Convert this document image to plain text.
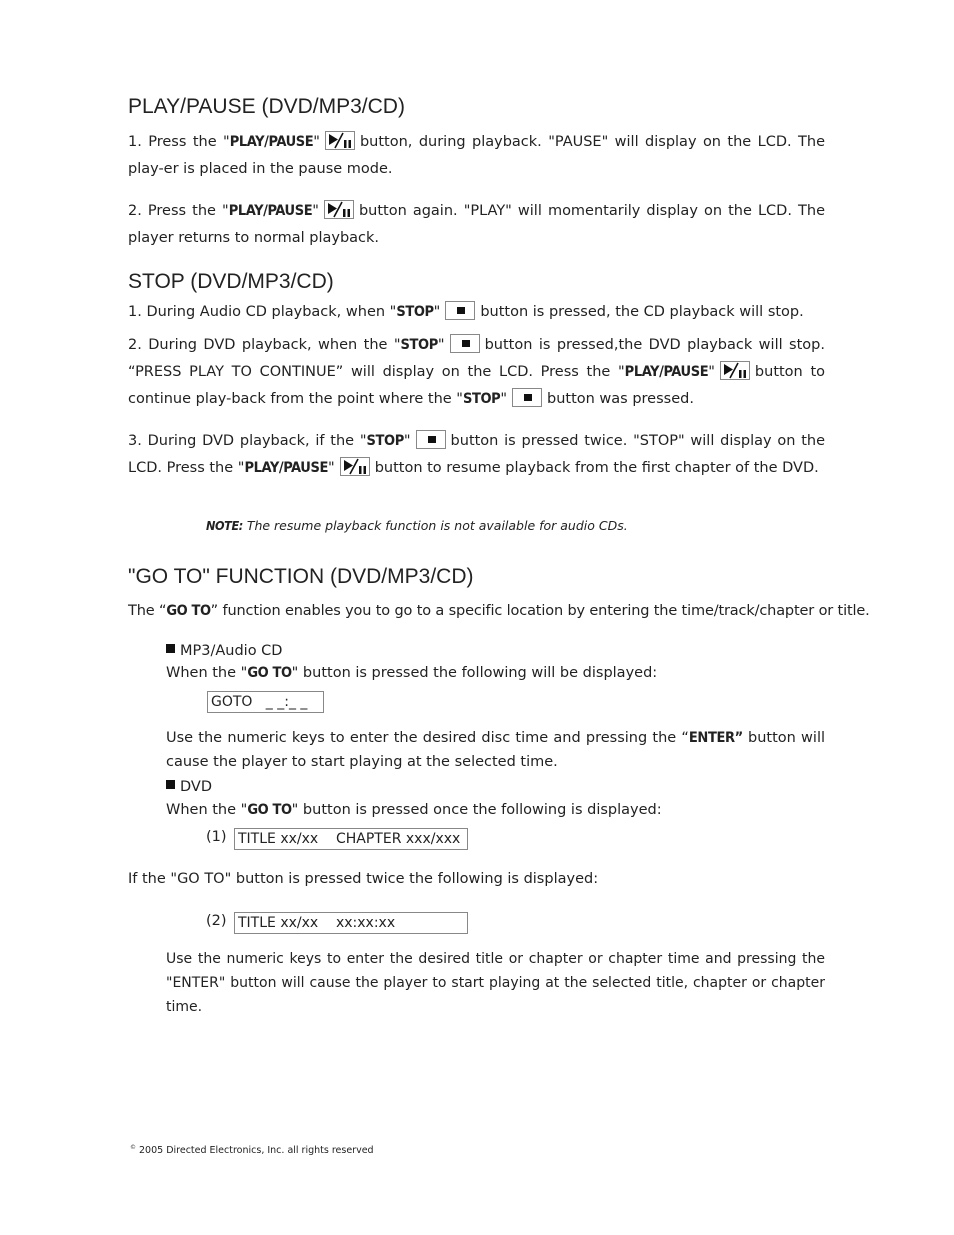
PLAY/PAUSE (DVD/MP3/CD)

1. Press the "PLAY/PAUSE"	button, during playback. "PAUSE" will display on the LCD. The play-er is placed in the pause mode.

2. Press the "PLAY/PAUSE"	button again. "PLAY" will momentarily display on the LCD. The player returns to normal playback.

STOP (DVD/MP3/CD)

1. During Audio CD playback, when "STOP"	button is pressed, the CD playback will stop.

2. During DVD playback, when the "STOP"	button is pressed,the DVD playback will stop. “PRESS PLAY TO CONTINUE” will display on the LCD. Press the "PLAY/PAUSE"	button to continue play-back from the point where the "STOP"	button was pressed.

3. During DVD playback, if the "STOP"	button is pressed twice. "STOP" will display on the LCD. Press the "PLAY/PAUSE"	button to resume playback from the first chapter of the DVD.

NOTE: The resume playback function is not available for audio CDs.

"GO TO" FUNCTION (DVD/MP3/CD)

The “GO TO” function enables you to go to a specific location by entering the time/track/chapter or title.

MP3/Audio CD

When the "GO TO" button is pressed the following will be displayed:

GOTO   _ _:_ _

Use the numeric keys to enter the desired disc time and pressing the “ENTER” button will cause the player to start playing at the selected time.

DVD

When the "GO TO" button is pressed once the following is displayed:

(1) TITLE xx/xx    CHAPTER xxx/xxx

If the "GO TO" button is pressed twice the following is displayed:

(2) TITLE xx/xx    xx:xx:xx

Use the numeric keys to enter the desired title or chapter or chapter time and pressing the "ENTER" button will cause the player to start playing at the selected title, chapter or chapter time.

© 2005 Directed Electronics, Inc. all rights reserved
